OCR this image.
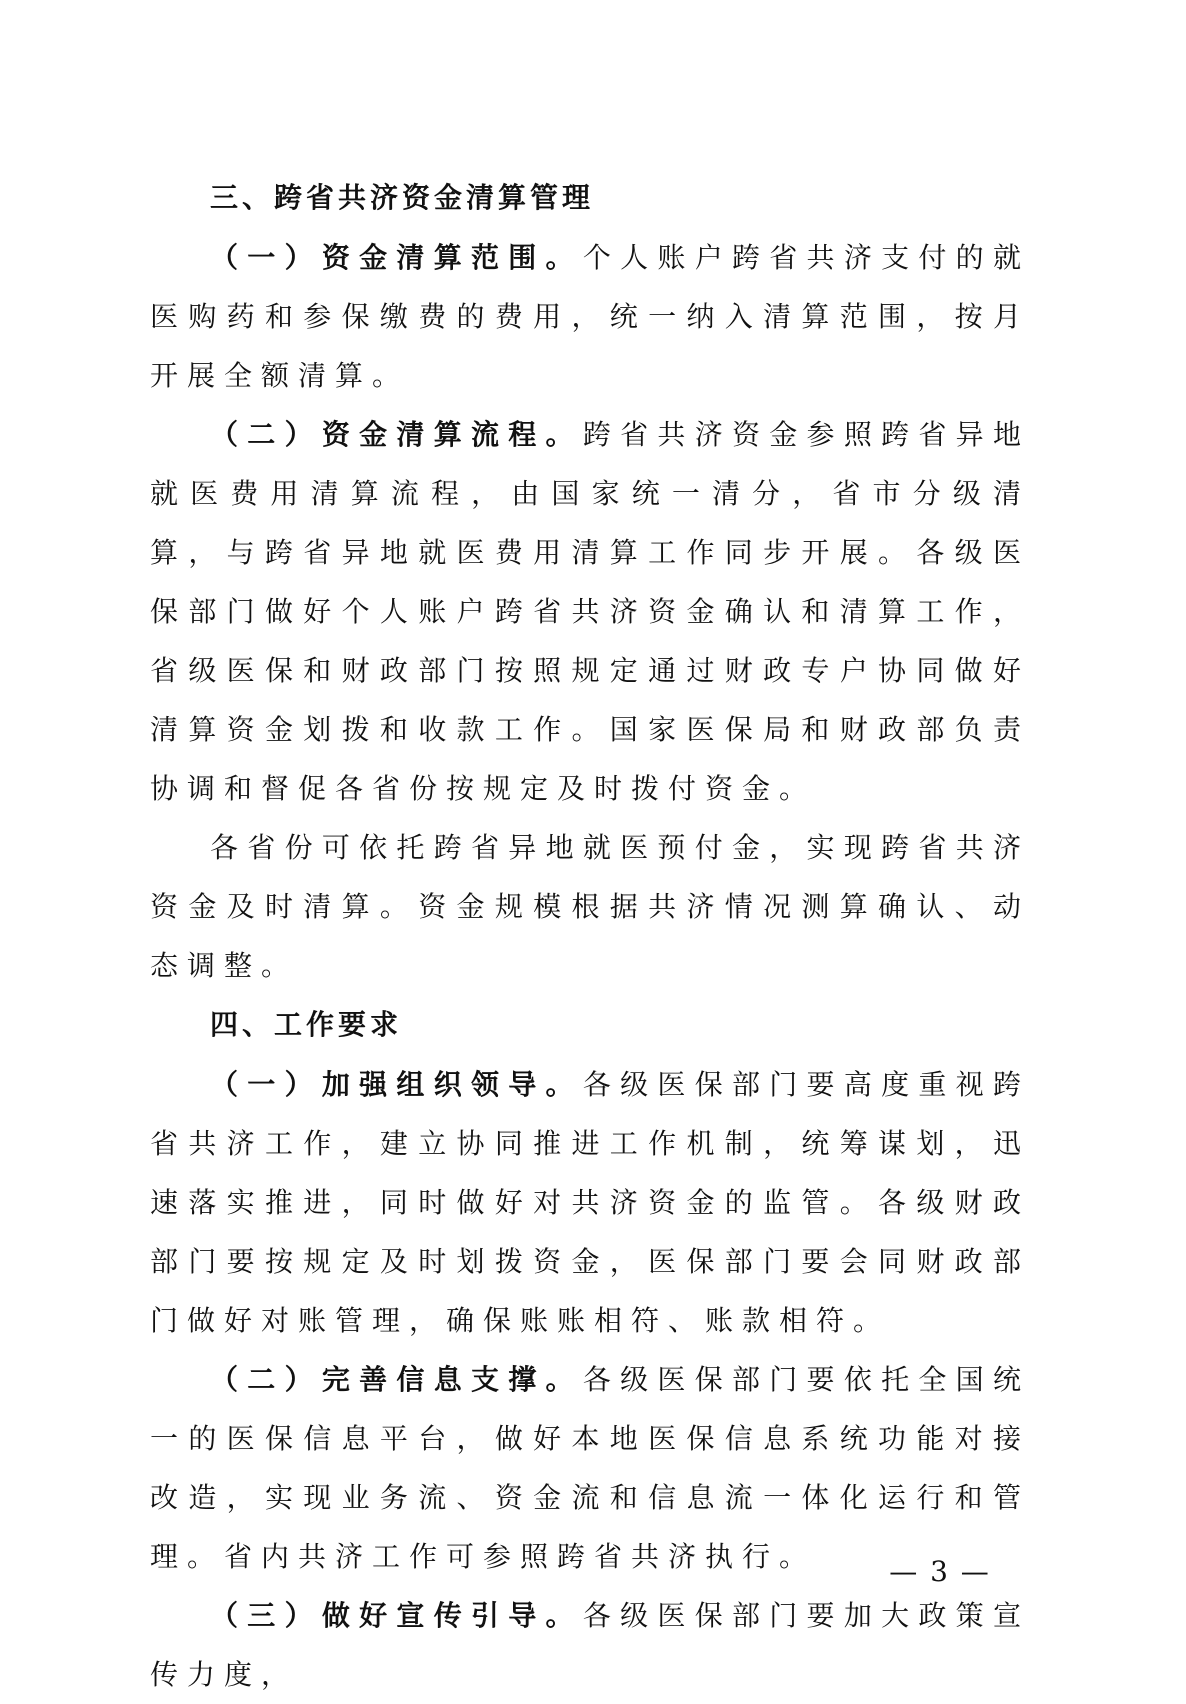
三、跨省共济资金清算管理

（一）资金清算范围。个人账户跨省共济支付的就医购药和参保缴费的费用，统一纳入清算范围，按月开展全额清算。

（二）资金清算流程。跨省共济资金参照跨省异地就医费用清算流程，由国家统一清分，省市分级清算，与跨省异地就医费用清算工作同步开展。各级医保部门做好个人账户跨省共济资金确认和清算工作，省级医保和财政部门按照规定通过财政专户协同做好清算资金划拨和收款工作。国家医保局和财政部负责协调和督促各省份按规定及时拨付资金。

各省份可依托跨省异地就医预付金，实现跨省共济资金及时清算。资金规模根据共济情况测算确认、动态调整。

四、工作要求

（一）加强组织领导。各级医保部门要高度重视跨省共济工作，建立协同推进工作机制，统筹谋划，迅速落实推进，同时做好对共济资金的监管。各级财政部门要按规定及时划拨资金，医保部门要会同财政部门做好对账管理，确保账账相符、账款相符。

（二）完善信息支撑。各级医保部门要依托全国统一的医保信息平台，做好本地医保信息系统功能对接改造，实现业务流、资金流和信息流一体化运行和管理。省内共济工作可参照跨省共济执行。

（三）做好宣传引导。各级医保部门要加大政策宣传力度，

— 3 —
